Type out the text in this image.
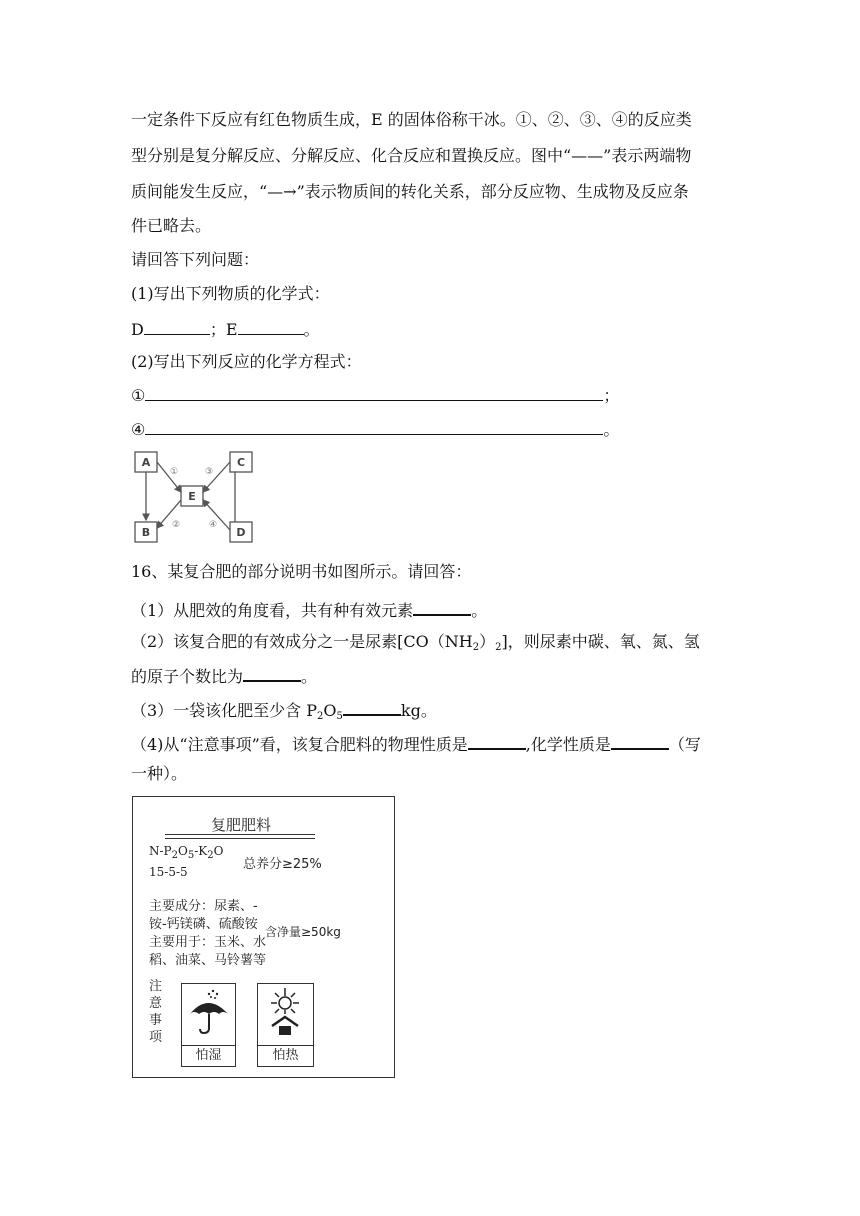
一定条件下反应有红色物质生成，E 的固体俗称干冰。①、②、③、④的反应类
型分别是复分解反应、分解反应、化合反应和置换反应。图中“——”表示两端物
质间能发生反应，“—→”表示物质间的转化关系，部分反应物、生成物及反应条
件已略去。
请回答下列问题：
(1)写出下列物质的化学式：
D	；E	。
(2)写出下列反应的化学方程式：
①	；
④	。
A	C
E
B	D
①	③
②	④
16、某复合肥的部分说明书如图所示。请回答：
（1）从肥效的角度看，共有种有效元素	。
（2）该复合肥的有效成分之一是尿素$[CO(NH_2)_2]$，则尿素中碳、氧、氮、氢
的原子个数比为	。
（3）一袋该化肥至少含 $P_2O_5$	kg。
（4)从“注意事项”看，该复合肥料的物理性质是	,化学性质是	（写
一种）。
复肥肥料
$N-P_2O_5-K_2O$
15-5-5	总养分≥25%
主要成分：尿素、-
铵-钙镁磷、硫酸铵
主要用于：玉米、水
稻、油菜、马铃薯等
含净量≥50kg
注
意
事
项
怕湿	怕热
